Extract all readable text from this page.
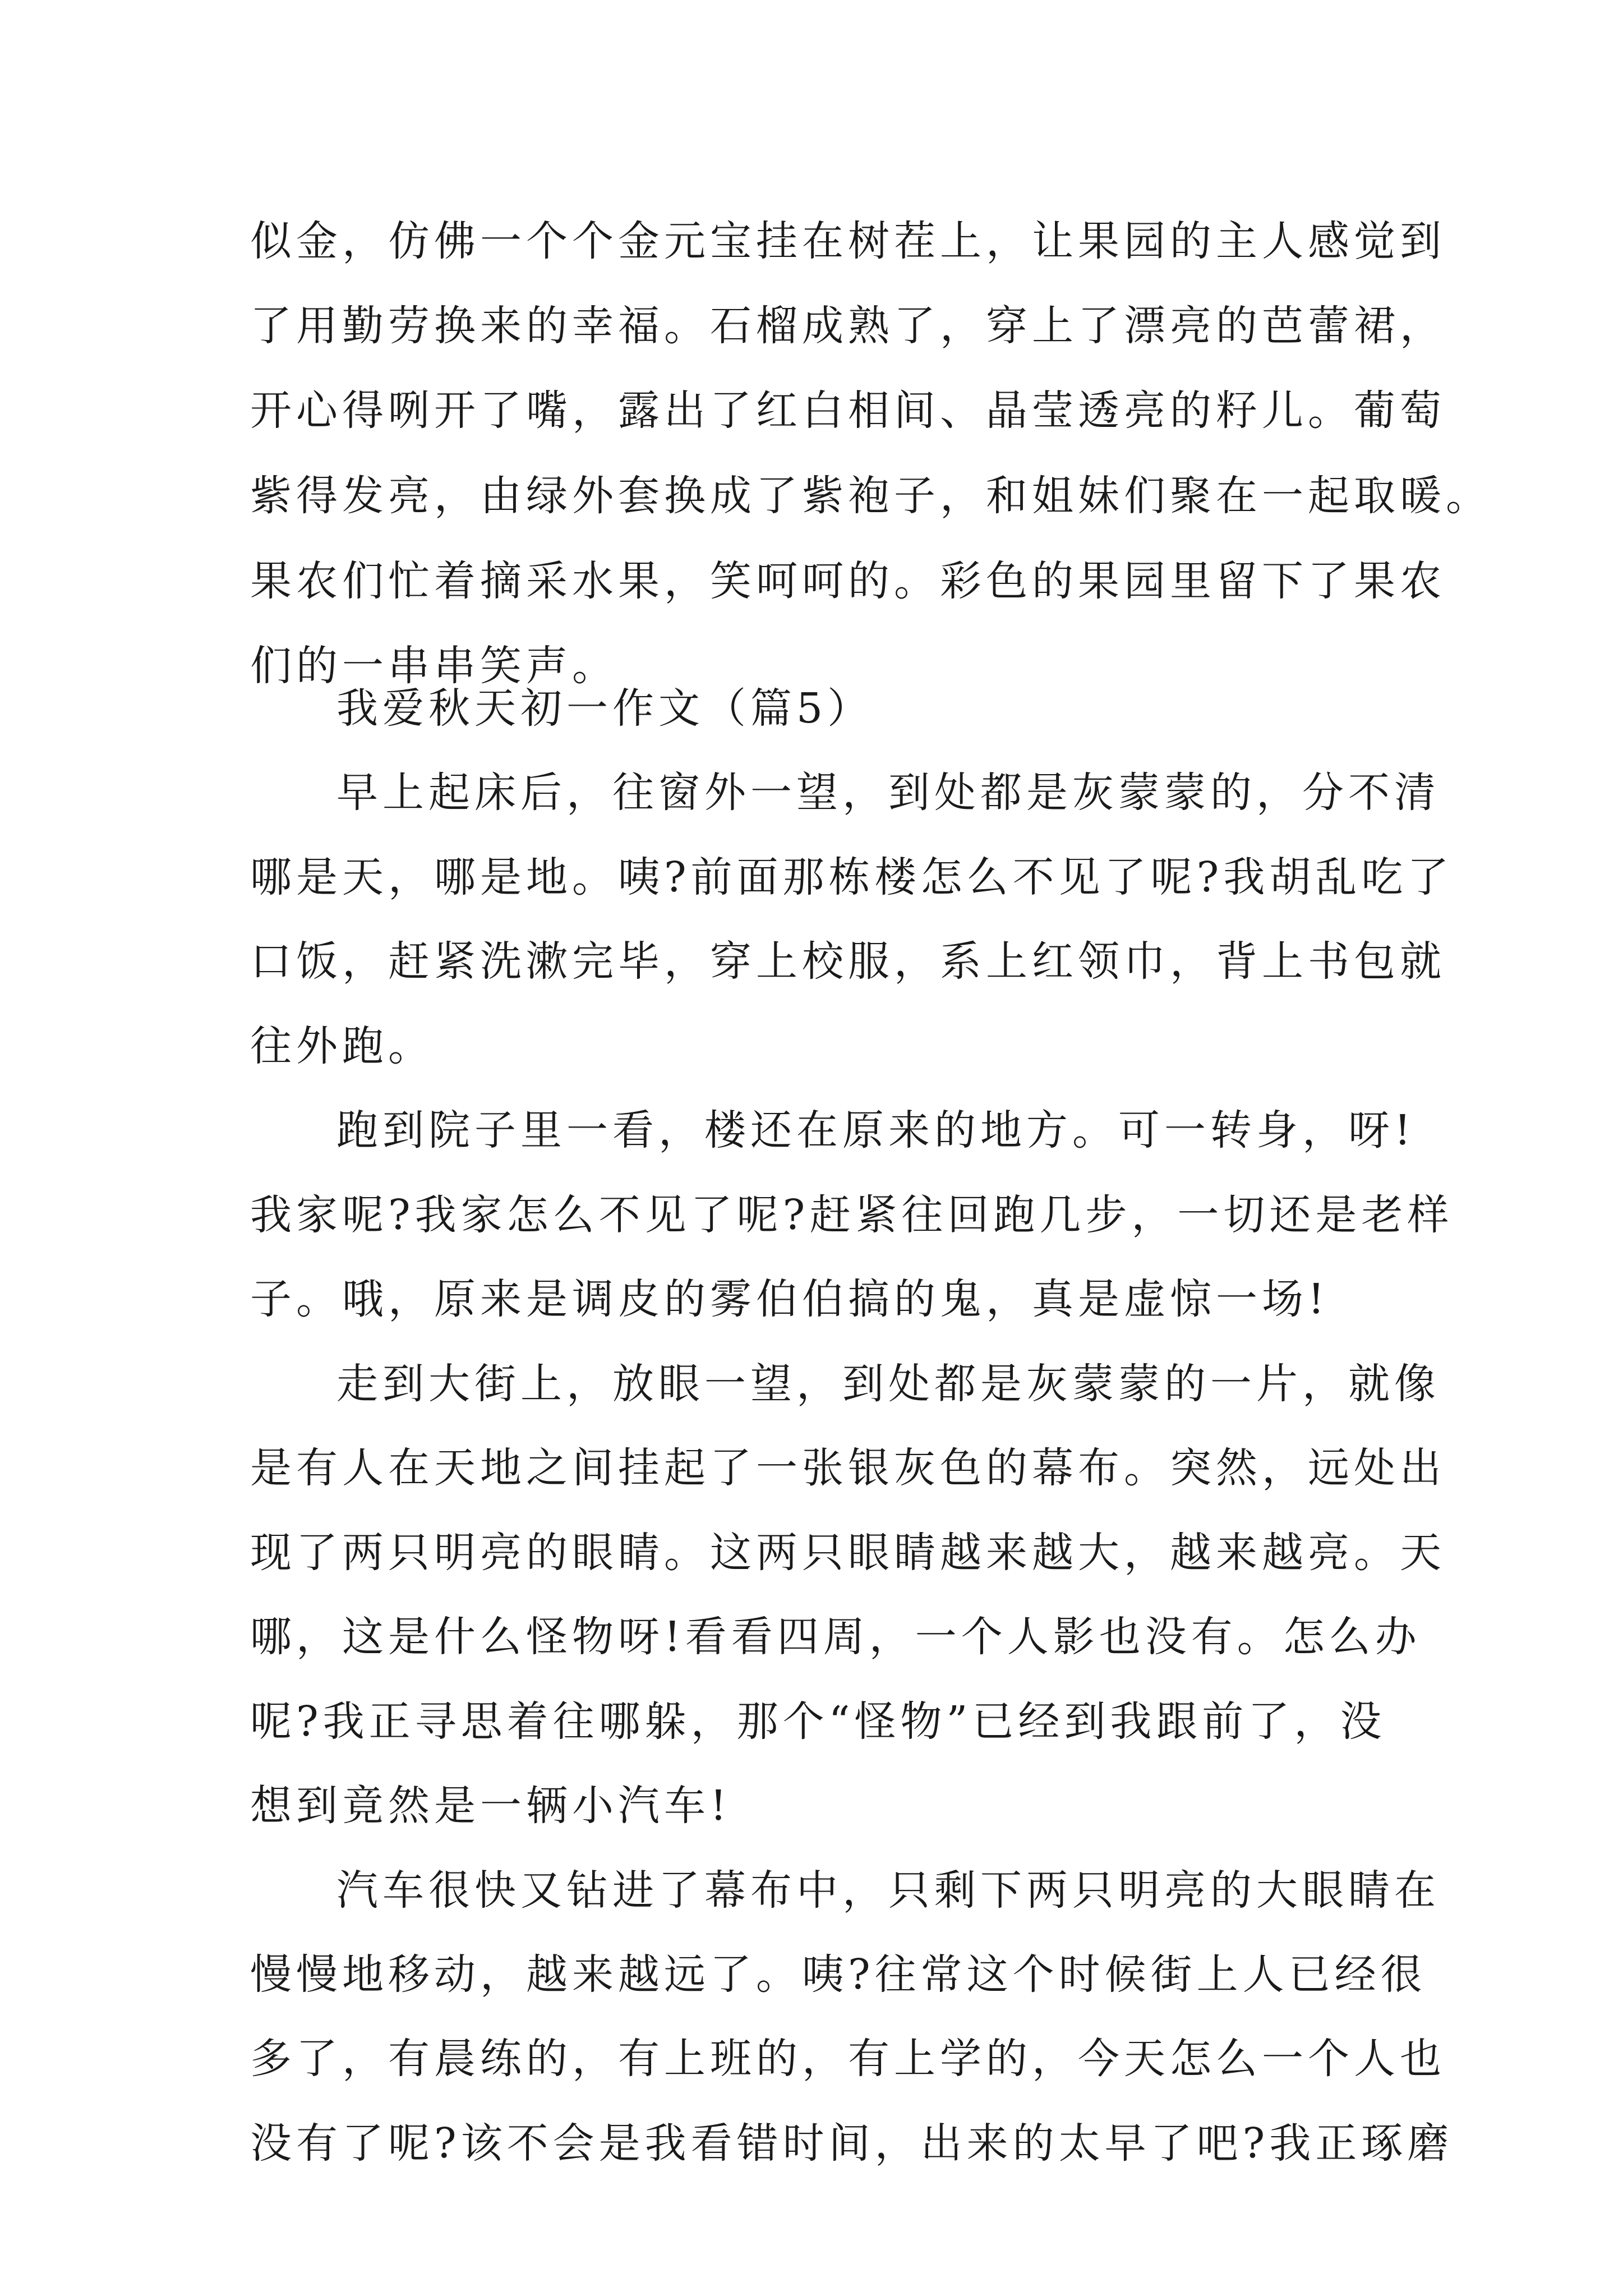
似金，仿佛一个个金元宝挂在树茬上，让果园的主人感觉到

了用勤劳换来的幸福。石榴成熟了，穿上了漂亮的芭蕾裙，

开心得咧开了嘴，露出了红白相间、晶莹透亮的籽儿。葡萄

紫得发亮，由绿外套换成了紫袍子，和姐妹们聚在一起取暖。

果农们忙着摘采水果，笑呵呵的。彩色的果园里留下了果农

们的一串串笑声。

我爱秋天初一作文（篇5）

早上起床后，往窗外一望，到处都是灰蒙蒙的，分不清

哪是天，哪是地。咦?前面那栋楼怎么不见了呢?我胡乱吃了

口饭，赶紧洗漱完毕，穿上校服，系上红领巾，背上书包就

往外跑。

跑到院子里一看，楼还在原来的地方。可一转身，呀!

我家呢?我家怎么不见了呢?赶紧往回跑几步，一切还是老样

子。哦，原来是调皮的雾伯伯搞的鬼，真是虚惊一场!

走到大街上，放眼一望，到处都是灰蒙蒙的一片，就像

是有人在天地之间挂起了一张银灰色的幕布。突然，远处出

现了两只明亮的眼睛。这两只眼睛越来越大，越来越亮。天

哪，这是什么怪物呀!看看四周，一个人影也没有。怎么办

呢?我正寻思着往哪躲，那个“怪物”已经到我跟前了，没

想到竟然是一辆小汽车!

汽车很快又钻进了幕布中，只剩下两只明亮的大眼睛在

慢慢地移动，越来越远了。咦?往常这个时候街上人已经很

多了，有晨练的，有上班的，有上学的，今天怎么一个人也

没有了呢?该不会是我看错时间，出来的太早了吧?我正琢磨
